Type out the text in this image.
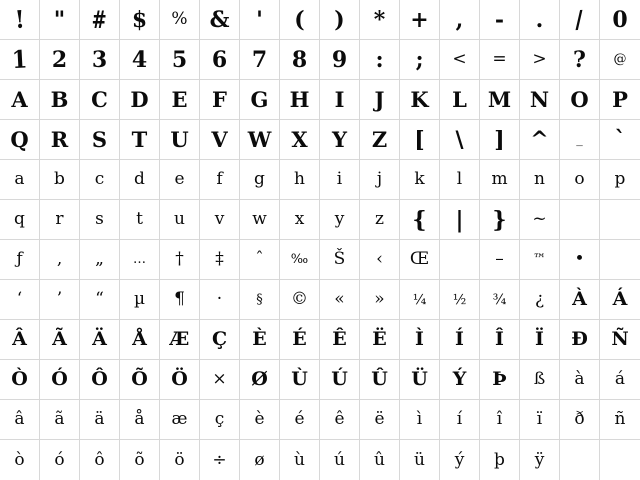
! " # $ % & ' ( ) * + , - . / 0
1 2 3 4 5 6 7 8 9 : ; < = > ? @
A B C D E F G H I J K L M N O P
Q R S T U V W X Y Z [ \ ] ^ _ `
a b c d e f g h i j k l m n o p
q r s t u v w x y z { | } ~
ƒ ‚ „ … † ‡ ˆ ‰ Š ‹ Œ	– ™ •
‘ ’ “ µ ¶ ·	§ © « » ¼ ½ ¾ ¿ À Á
Â Ã Ä Å Æ Ç È É Ê Ë Ì Í Î Ï Ð Ñ
Ò Ó Ô Õ Ö × Ø Ù Ú Û Ü Ý Þ ß à á
â ã ä å æ ç è é ê ë ì í î ï ð ñ
ò ó ô õ ö ÷ ø ù ú û ü ý þ ÿ
